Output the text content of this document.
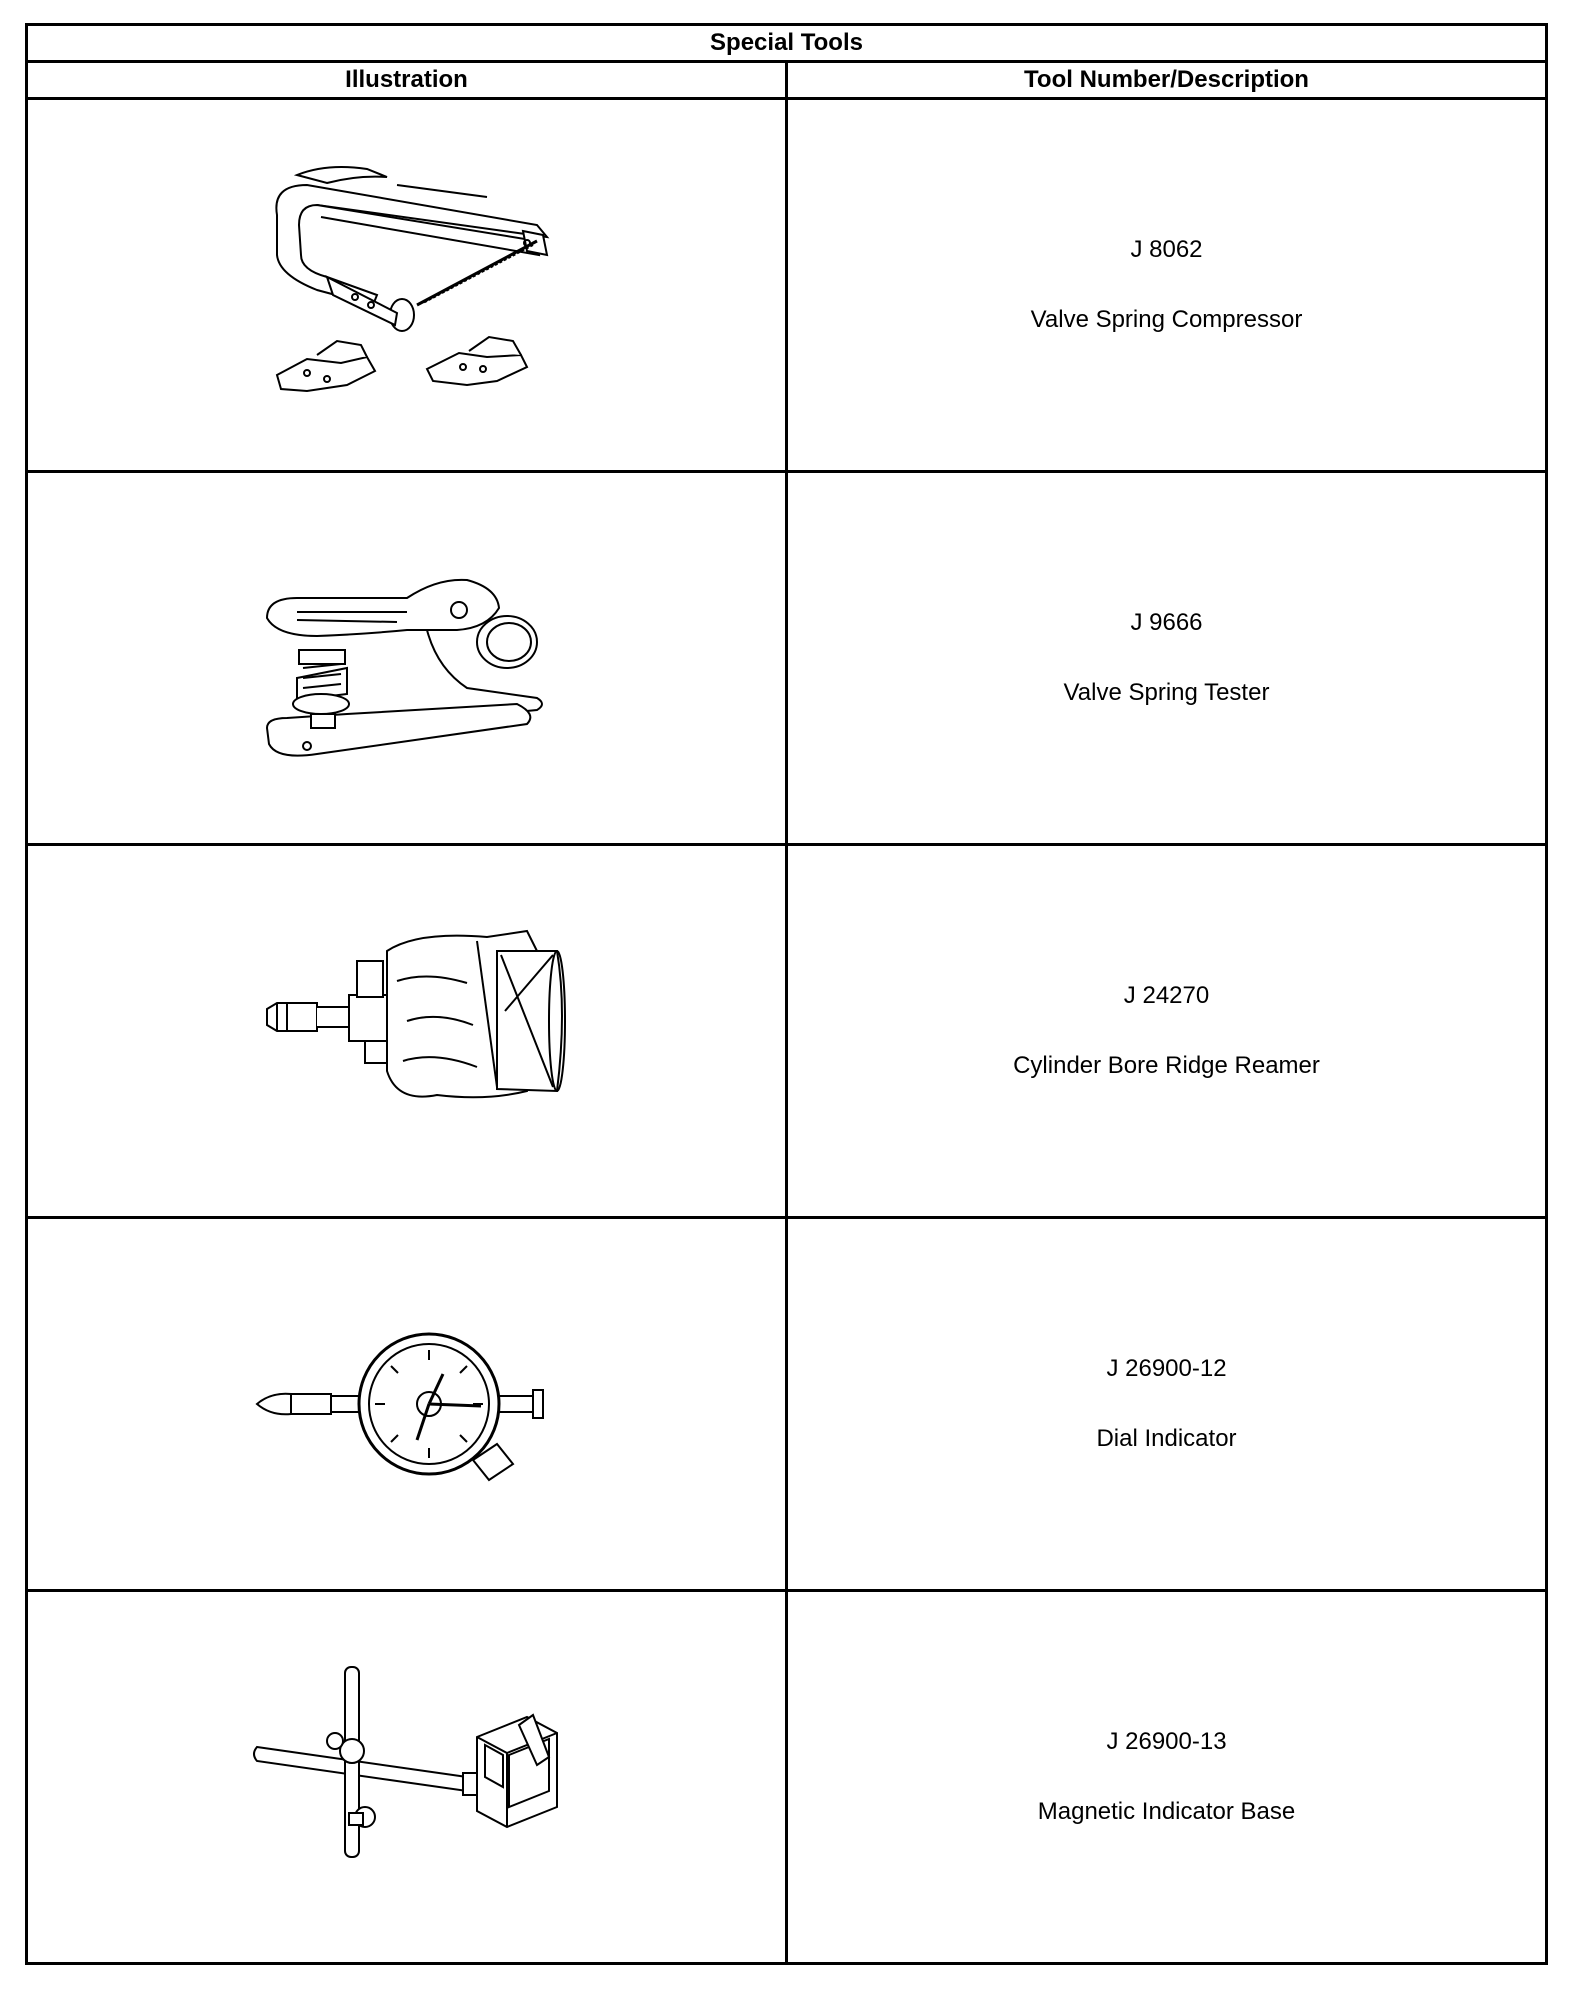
Special Tools	
Illustration	Tool Number/Description

J 8062
Valve Spring Compressor

J 9666
Valve Spring Tester

J 24270
Cylinder Bore Ridge Reamer

J 26900-12
Dial Indicator

J 26900-13
Magnetic Indicator Base
